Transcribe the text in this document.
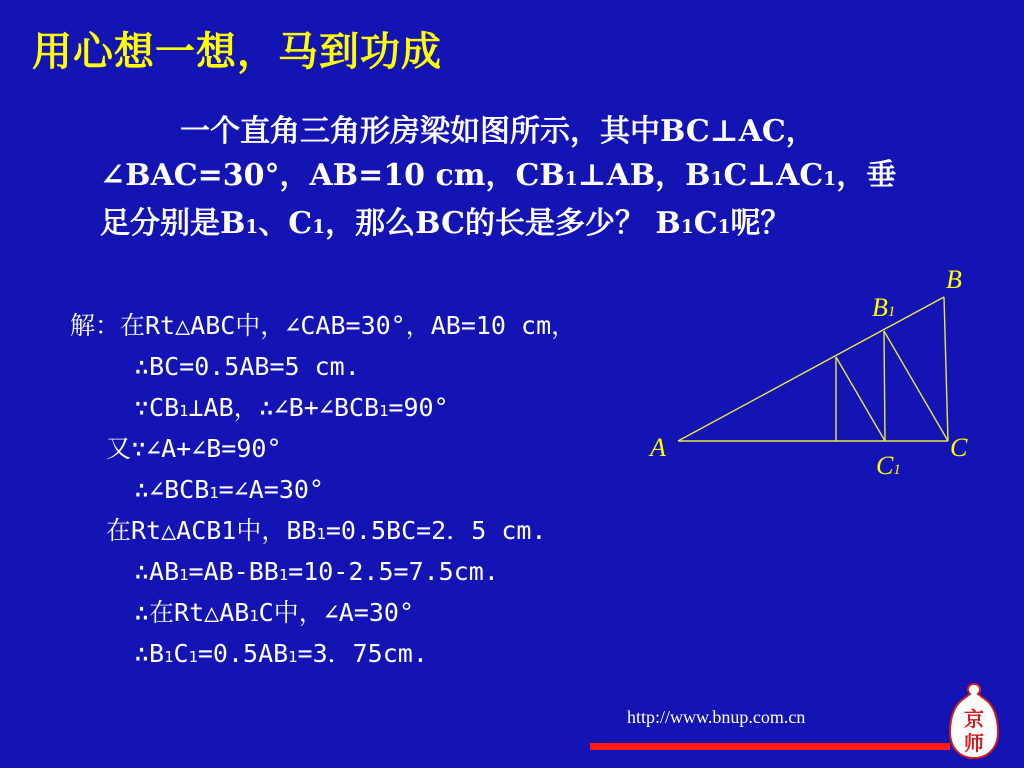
用心想一想，马到功成
一个直角三角形房梁如图所示，其中BC⊥AC，
∠BAC=30°，AB=10 cm，CB1⊥AB，B1C⊥AC1，垂
足分别是B1、C1，那么BC的长是多少？ B1C1呢？
解：在Rt△ABC中，∠CAB=30°，AB=10 cm，
∴BC=0.5AB=5 cm.
∵CB1⊥AB，∴∠B+∠BCB1=90°
又∵∠A+∠B=90°
∴∠BCB1=∠A=30°
在Rt△ACB1中，BB1=0.5BC=2．5 cm.
∴AB1=AB-BB1=10-2.5=7.5cm.
∴在Rt△AB1C中，∠A=30°
∴B1C1=0.5AB1=3．75cm.
A
B
C
B1
C1
http://www.bnup.com.cn	京
师
